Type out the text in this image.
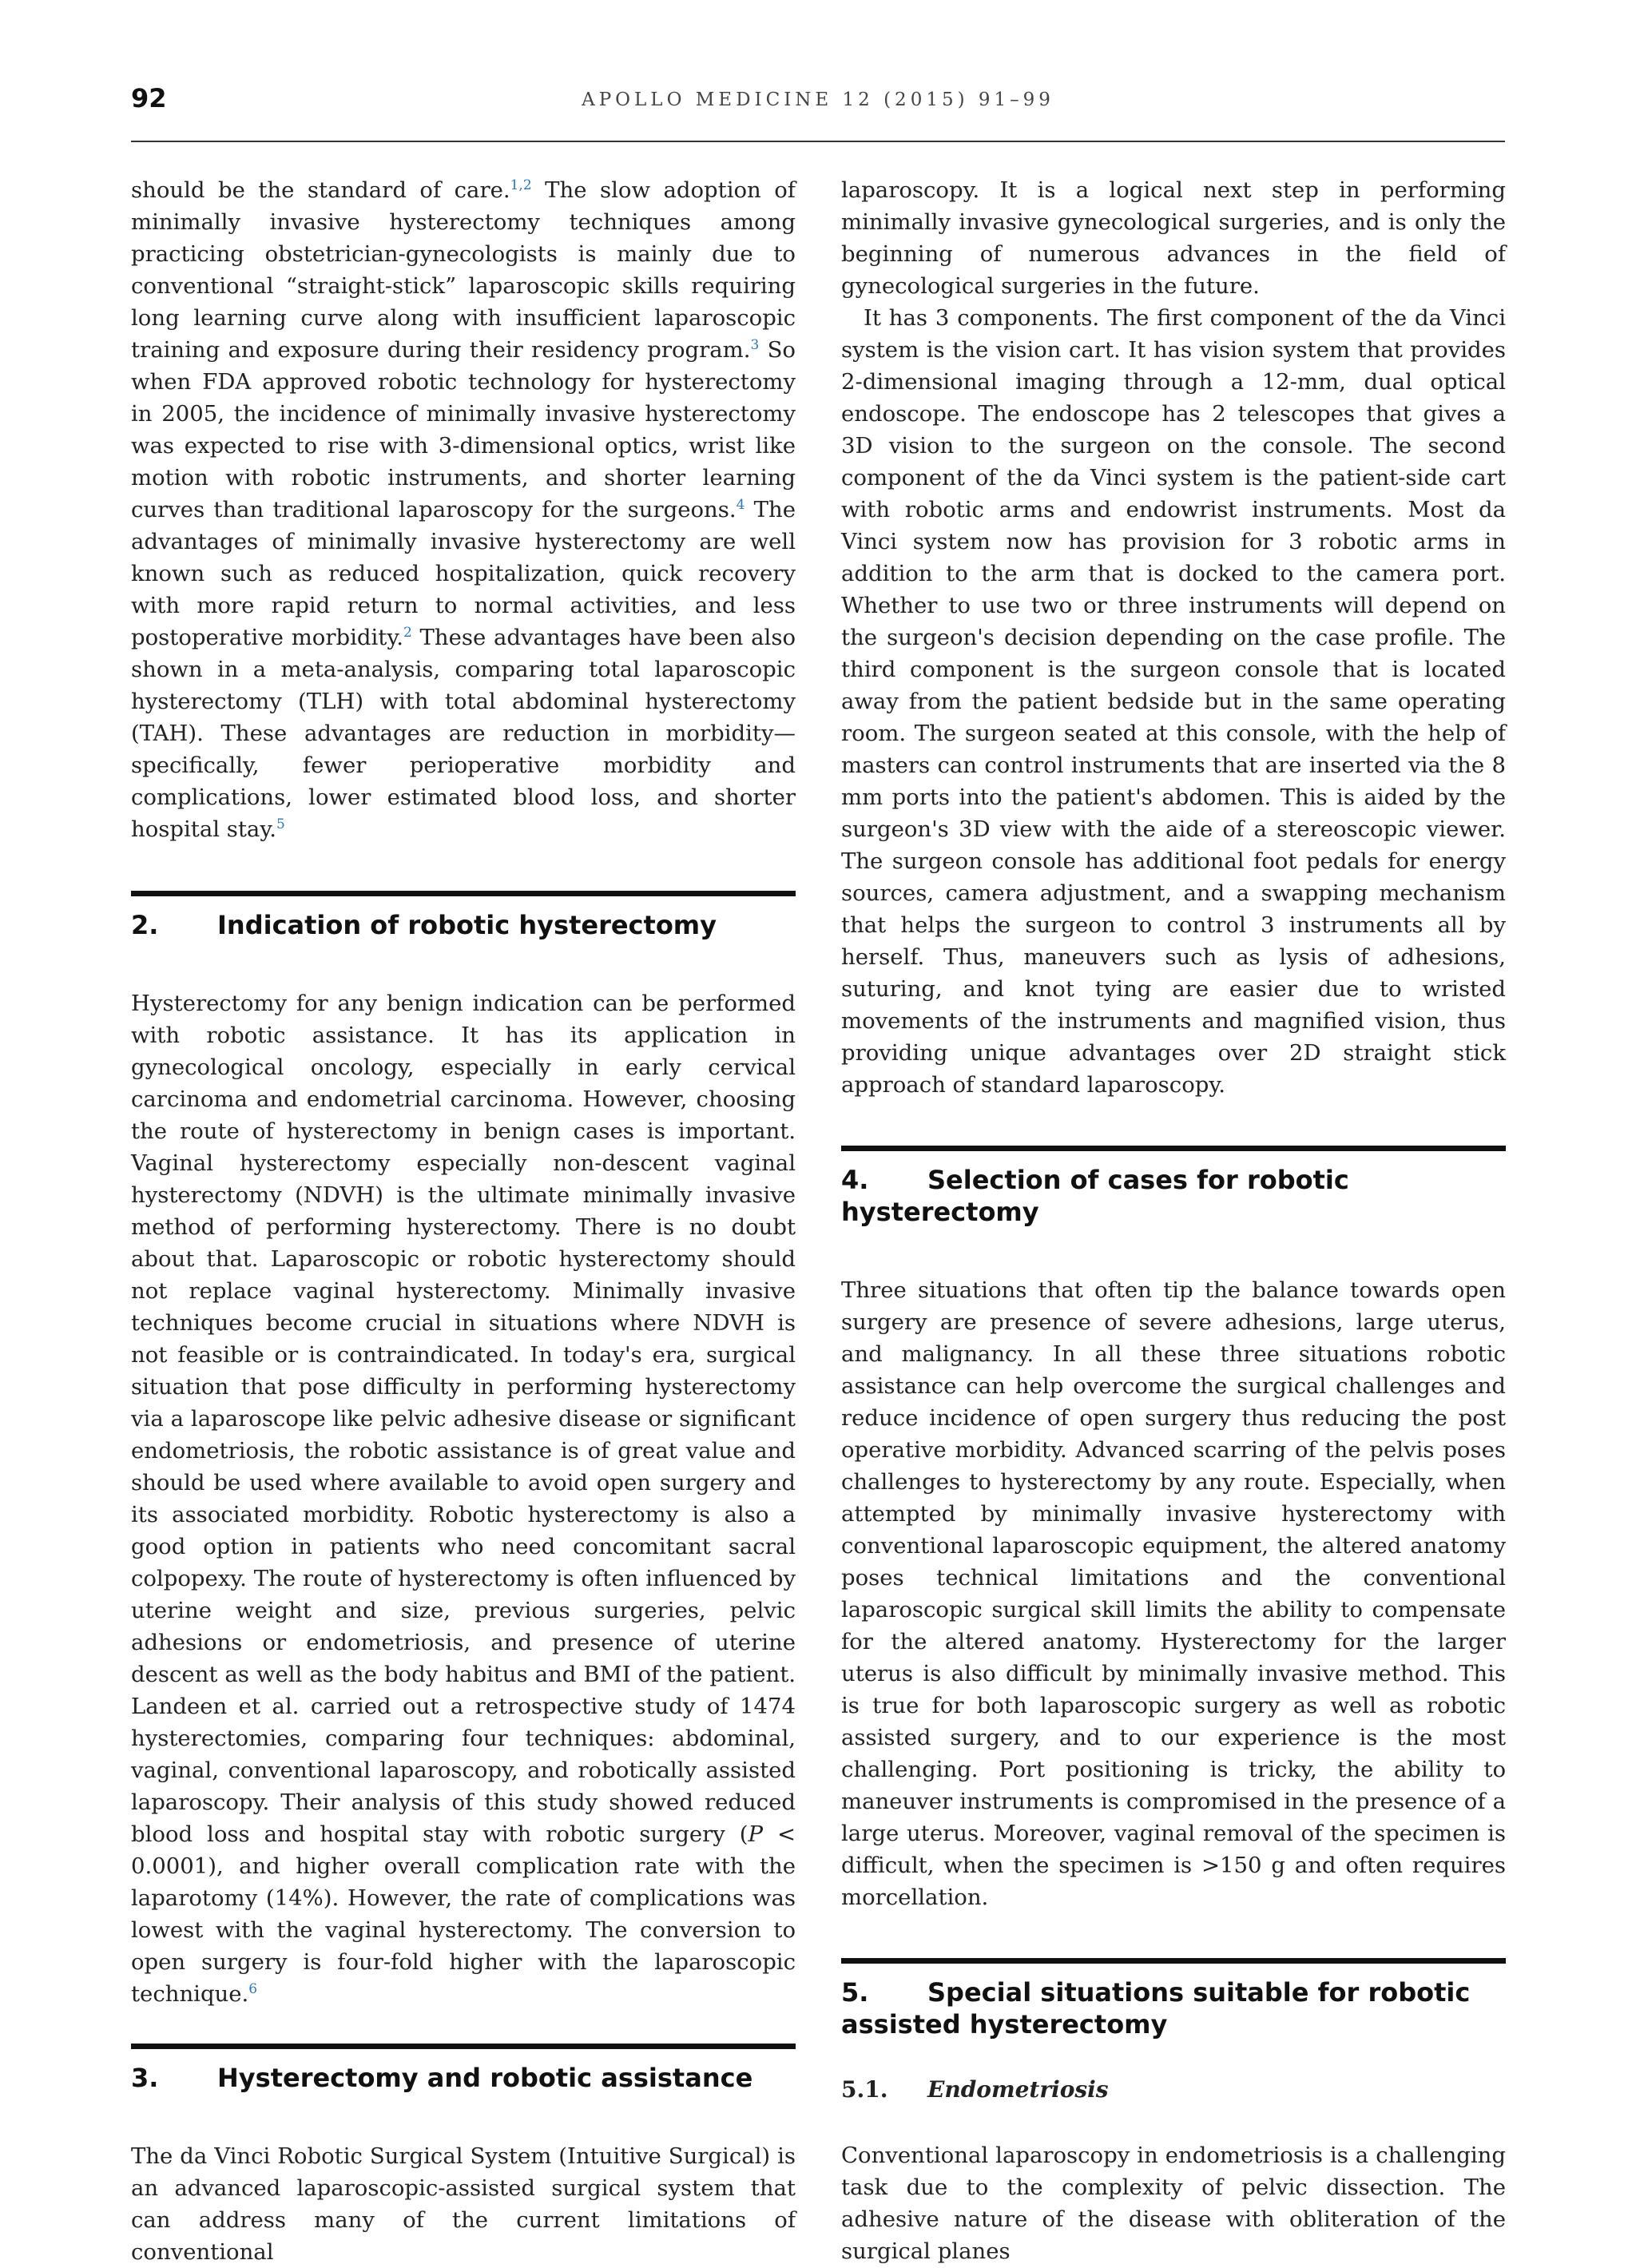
92	APOLLO MEDICINE 12 (2015) 91–99

should be the standard of care.$^{1,2}$ The slow adoption of minimally invasive hysterectomy techniques among practicing obstetrician-gynecologists is mainly due to conventional “straight-stick” laparoscopic skills requiring long learning curve along with insufficient laparoscopic training and exposure during their residency program.$^3$ So when FDA approved robotic technology for hysterectomy in 2005, the incidence of minimally invasive hysterectomy was expected to rise with 3-dimensional optics, wrist like motion with robotic instruments, and shorter learning curves than traditional laparoscopy for the surgeons.$^4$ The advantages of minimally invasive hysterectomy are well known such as reduced hospitalization, quick recovery with more rapid return to normal activities, and less postoperative morbidity.$^2$ These advantages have been also shown in a meta-analysis, comparing total laparoscopic hysterectomy (TLH) with total abdominal hysterectomy (TAH). These advantages are reduction in morbidity—specifically, fewer perioperative morbidity and complications, lower estimated blood loss, and shorter hospital stay.$^5$

2. Indication of robotic hysterectomy

Hysterectomy for any benign indication can be performed with robotic assistance. It has its application in gynecological oncology, especially in early cervical carcinoma and endometrial carcinoma. However, choosing the route of hysterectomy in benign cases is important. Vaginal hysterectomy especially non-descent vaginal hysterectomy (NDVH) is the ultimate minimally invasive method of performing hysterectomy. There is no doubt about that. Laparoscopic or robotic hysterectomy should not replace vaginal hysterectomy. Minimally invasive techniques become crucial in situations where NDVH is not feasible or is contraindicated. In today's era, surgical situation that pose difficulty in performing hysterectomy via a laparoscope like pelvic adhesive disease or significant endometriosis, the robotic assistance is of great value and should be used where available to avoid open surgery and its associated morbidity. Robotic hysterectomy is also a good option in patients who need concomitant sacral colpopexy. The route of hysterectomy is often influenced by uterine weight and size, previous surgeries, pelvic adhesions or endometriosis, and presence of uterine descent as well as the body habitus and BMI of the patient. Landeen et al. carried out a retrospective study of 1474 hysterectomies, comparing four techniques: abdominal, vaginal, conventional laparoscopy, and robotically assisted laparoscopy. Their analysis of this study showed reduced blood loss and hospital stay with robotic surgery (P < 0.0001), and higher overall complication rate with the laparotomy (14%). However, the rate of complications was lowest with the vaginal hysterectomy. The conversion to open surgery is four-fold higher with the laparoscopic technique.$^6$

3. Hysterectomy and robotic assistance

The da Vinci Robotic Surgical System (Intuitive Surgical) is an advanced laparoscopic-assisted surgical system that can address many of the current limitations of conventional

laparoscopy. It is a logical next step in performing minimally invasive gynecological surgeries, and is only the beginning of numerous advances in the field of gynecological surgeries in the future.

It has 3 components. The first component of the da Vinci system is the vision cart. It has vision system that provides 2-dimensional imaging through a 12-mm, dual optical endoscope. The endoscope has 2 telescopes that gives a 3D vision to the surgeon on the console. The second component of the da Vinci system is the patient-side cart with robotic arms and endowrist instruments. Most da Vinci system now has provision for 3 robotic arms in addition to the arm that is docked to the camera port. Whether to use two or three instruments will depend on the surgeon's decision depending on the case profile. The third component is the surgeon console that is located away from the patient bedside but in the same operating room. The surgeon seated at this console, with the help of masters can control instruments that are inserted via the 8 mm ports into the patient's abdomen. This is aided by the surgeon's 3D view with the aide of a stereoscopic viewer. The surgeon console has additional foot pedals for energy sources, camera adjustment, and a swapping mechanism that helps the surgeon to control 3 instruments all by herself. Thus, maneuvers such as lysis of adhesions, suturing, and knot tying are easier due to wristed movements of the instruments and magnified vision, thus providing unique advantages over 2D straight stick approach of standard laparoscopy.

4. Selection of cases for robotic hysterectomy

Three situations that often tip the balance towards open surgery are presence of severe adhesions, large uterus, and malignancy. In all these three situations robotic assistance can help overcome the surgical challenges and reduce incidence of open surgery thus reducing the post operative morbidity. Advanced scarring of the pelvis poses challenges to hysterectomy by any route. Especially, when attempted by minimally invasive hysterectomy with conventional laparoscopic equipment, the altered anatomy poses technical limitations and the conventional laparoscopic surgical skill limits the ability to compensate for the altered anatomy. Hysterectomy for the larger uterus is also difficult by minimally invasive method. This is true for both laparoscopic surgery as well as robotic assisted surgery, and to our experience is the most challenging. Port positioning is tricky, the ability to maneuver instruments is compromised in the presence of a large uterus. Moreover, vaginal removal of the specimen is difficult, when the specimen is >150 g and often requires morcellation.

5. Special situations suitable for robotic
assisted hysterectomy
5.1. Endometriosis

Conventional laparoscopy in endometriosis is a challenging task due to the complexity of pelvic dissection. The adhesive nature of the disease with obliteration of the surgical planes
